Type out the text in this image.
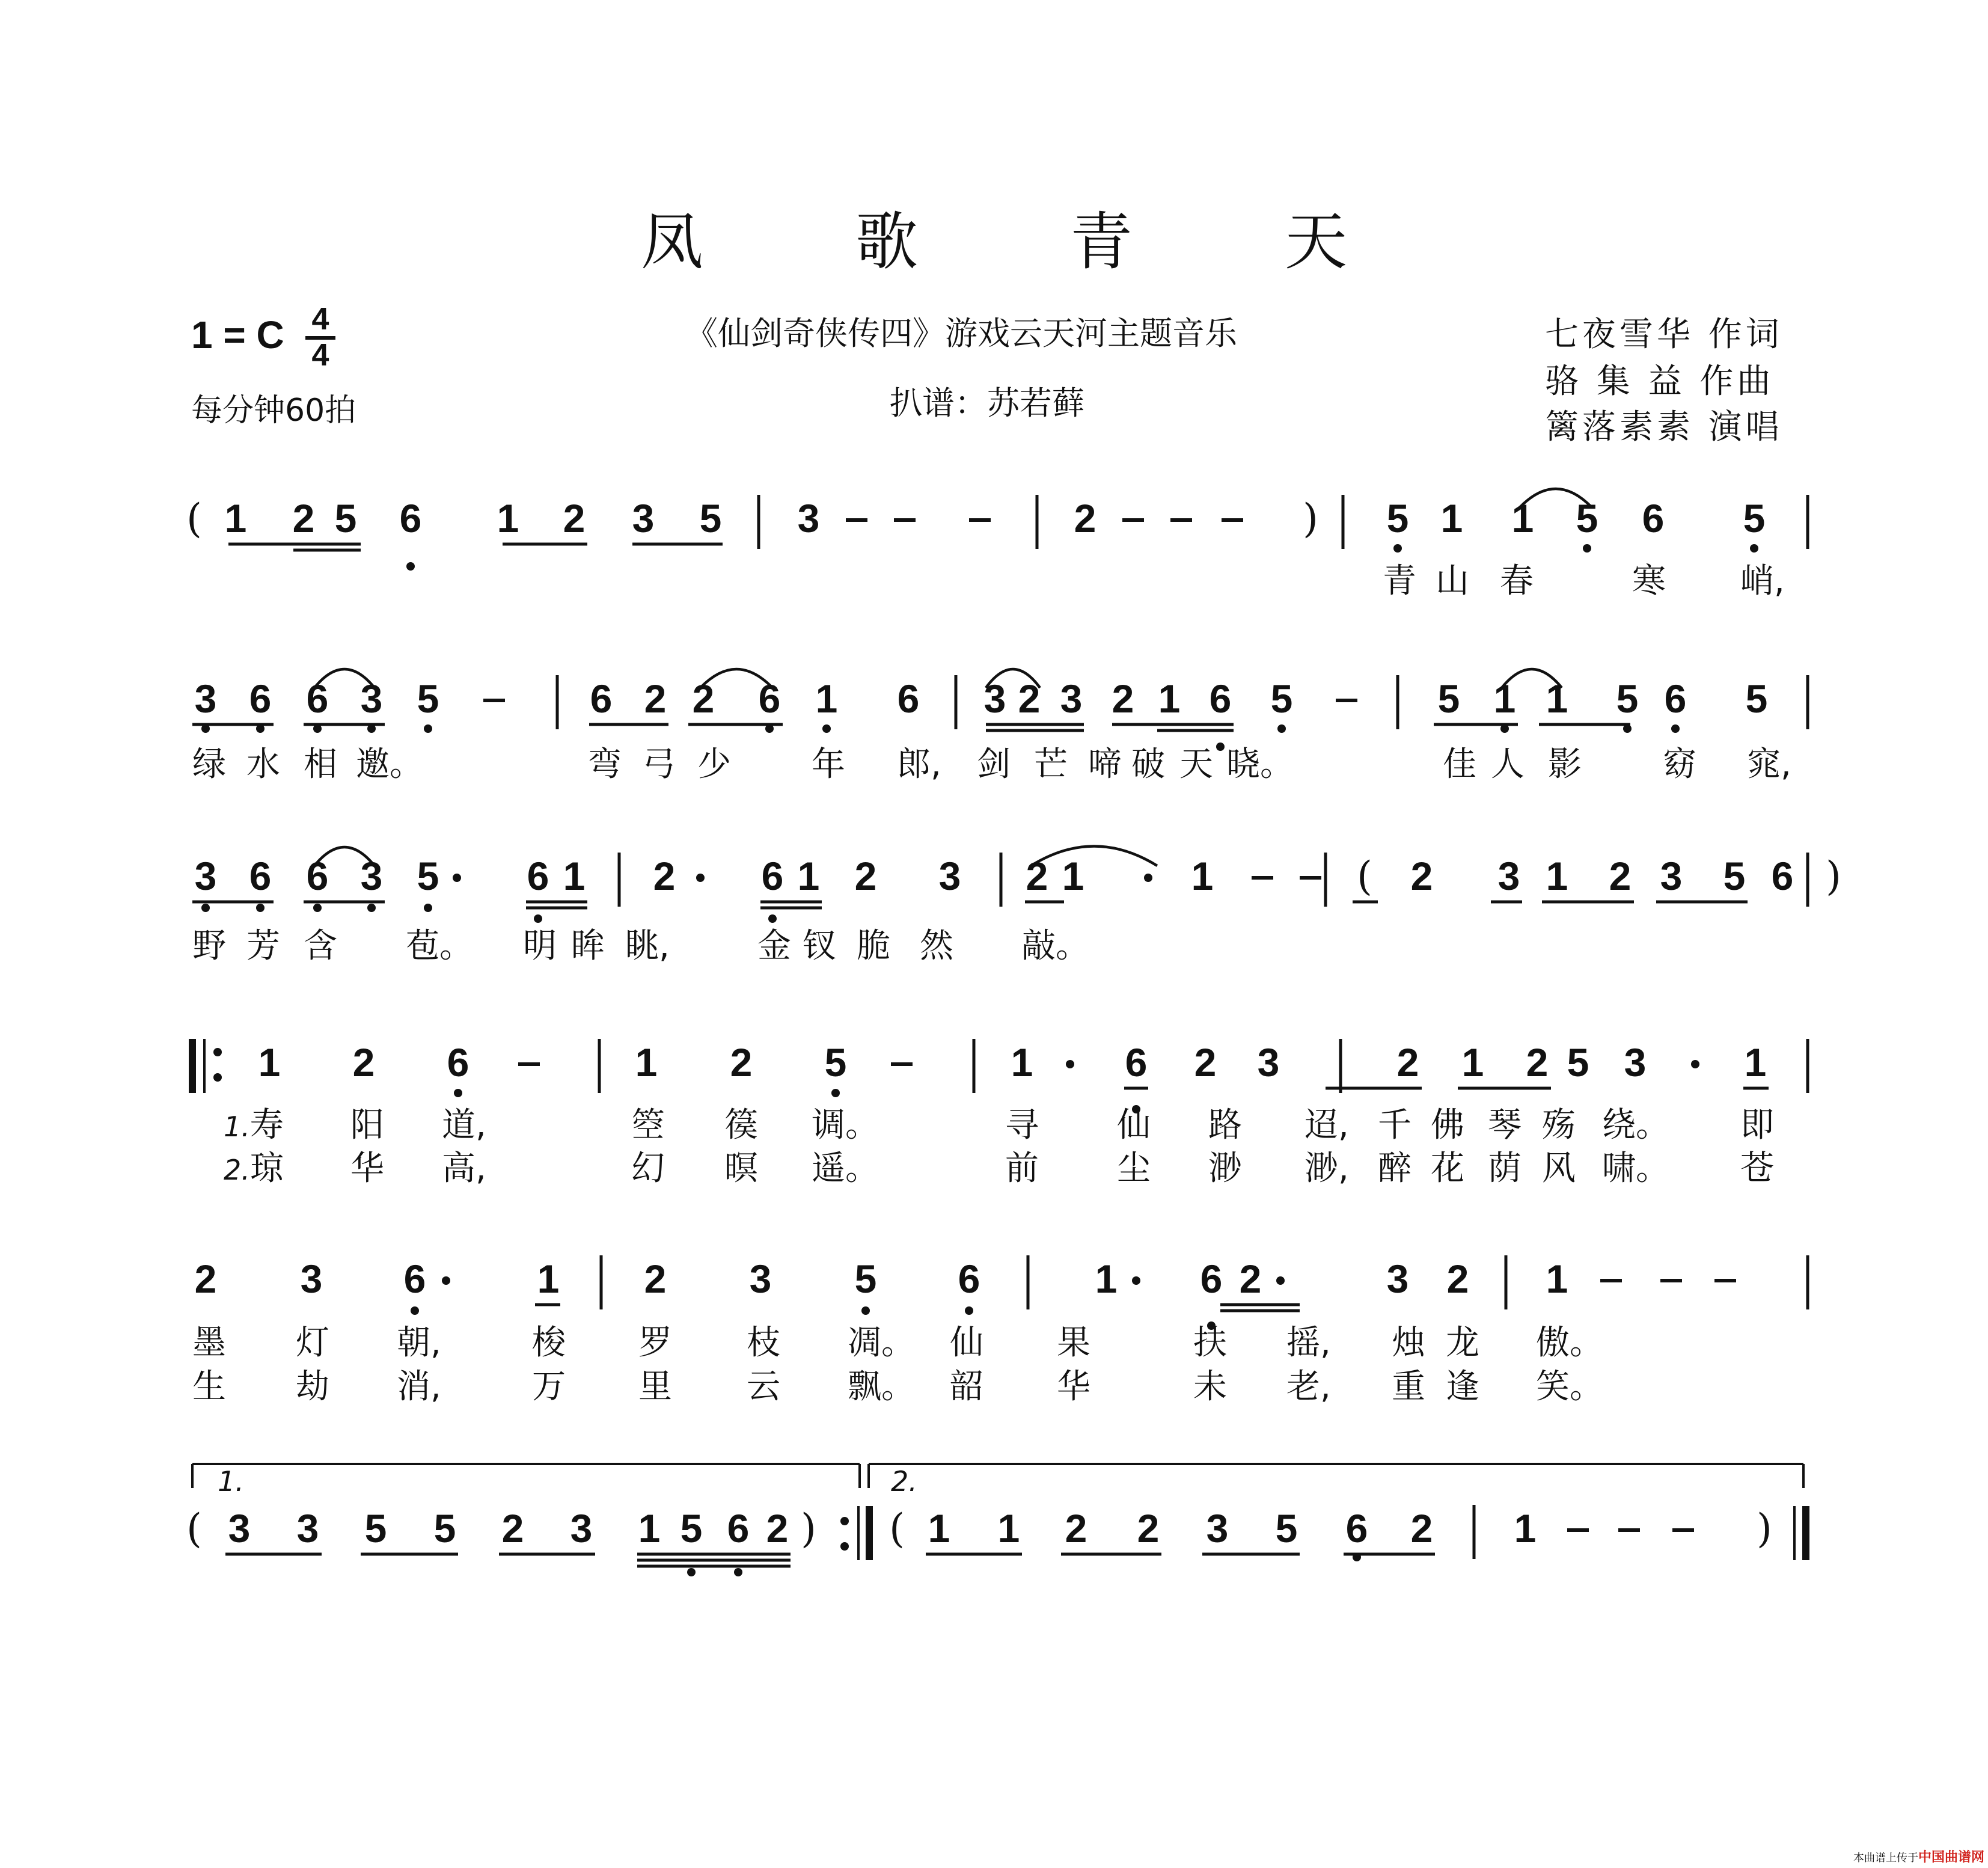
凤 歌 青 天
1 = C $\frac{4}{4}$
每分钟60拍
《仙剑奇侠传四》游戏云天河主题音乐
扒谱：苏若藓
七夜雪华 作词
骆 集 益 作曲
篱落素素 演唱
( 1 2 5 6 1 2 3 5 3	2	) 5 1 1 5 6 5
青 山 春	寒 峭,
3 6 6 3 5	6 2 2 6 1 6 3 2 3 2 1 6 5	5 1 1 5 6 5
绿 水 相 邀。	弯 弓 少 年 郎, 剑 芒 啼 破 天 晓。	佳 人 影 窈 窕,
3 6 6 3 5 6 1 2 6 1 2 3 2 1	1	( 2 3 1 2 3 5 6 )
野 芳 含 苞。 明 眸 眺,	金 钗 脆 然 敲。
1 2 6	1 2 5	1 6 2 3	2 1 2 5 3 1
1.寿 阳 道,	箜 篌 调。	寻 仙 路 迢, 千 佛 琴 殇 绕。 即
2.琼 华 高,	幻 暝 遥。	前 尘 渺 渺, 醉 花 荫 风 啸。 苍
2 3 6	1 2 3 5 6	1 6 2	3 2 1
墨 灯 朝,	梭 罗 枝 凋。 仙 果	扶 摇, 烛 龙 傲。
生 劫 消,	万 里 云 飘。 韶 华	未 老, 重 逢 笑。
1.	2.
( 3 3 5 5 2 3 1 5 6 2 ) ( 1 1 2 2 3 5 6 2 1	)
本曲谱上传于中国曲谱网
